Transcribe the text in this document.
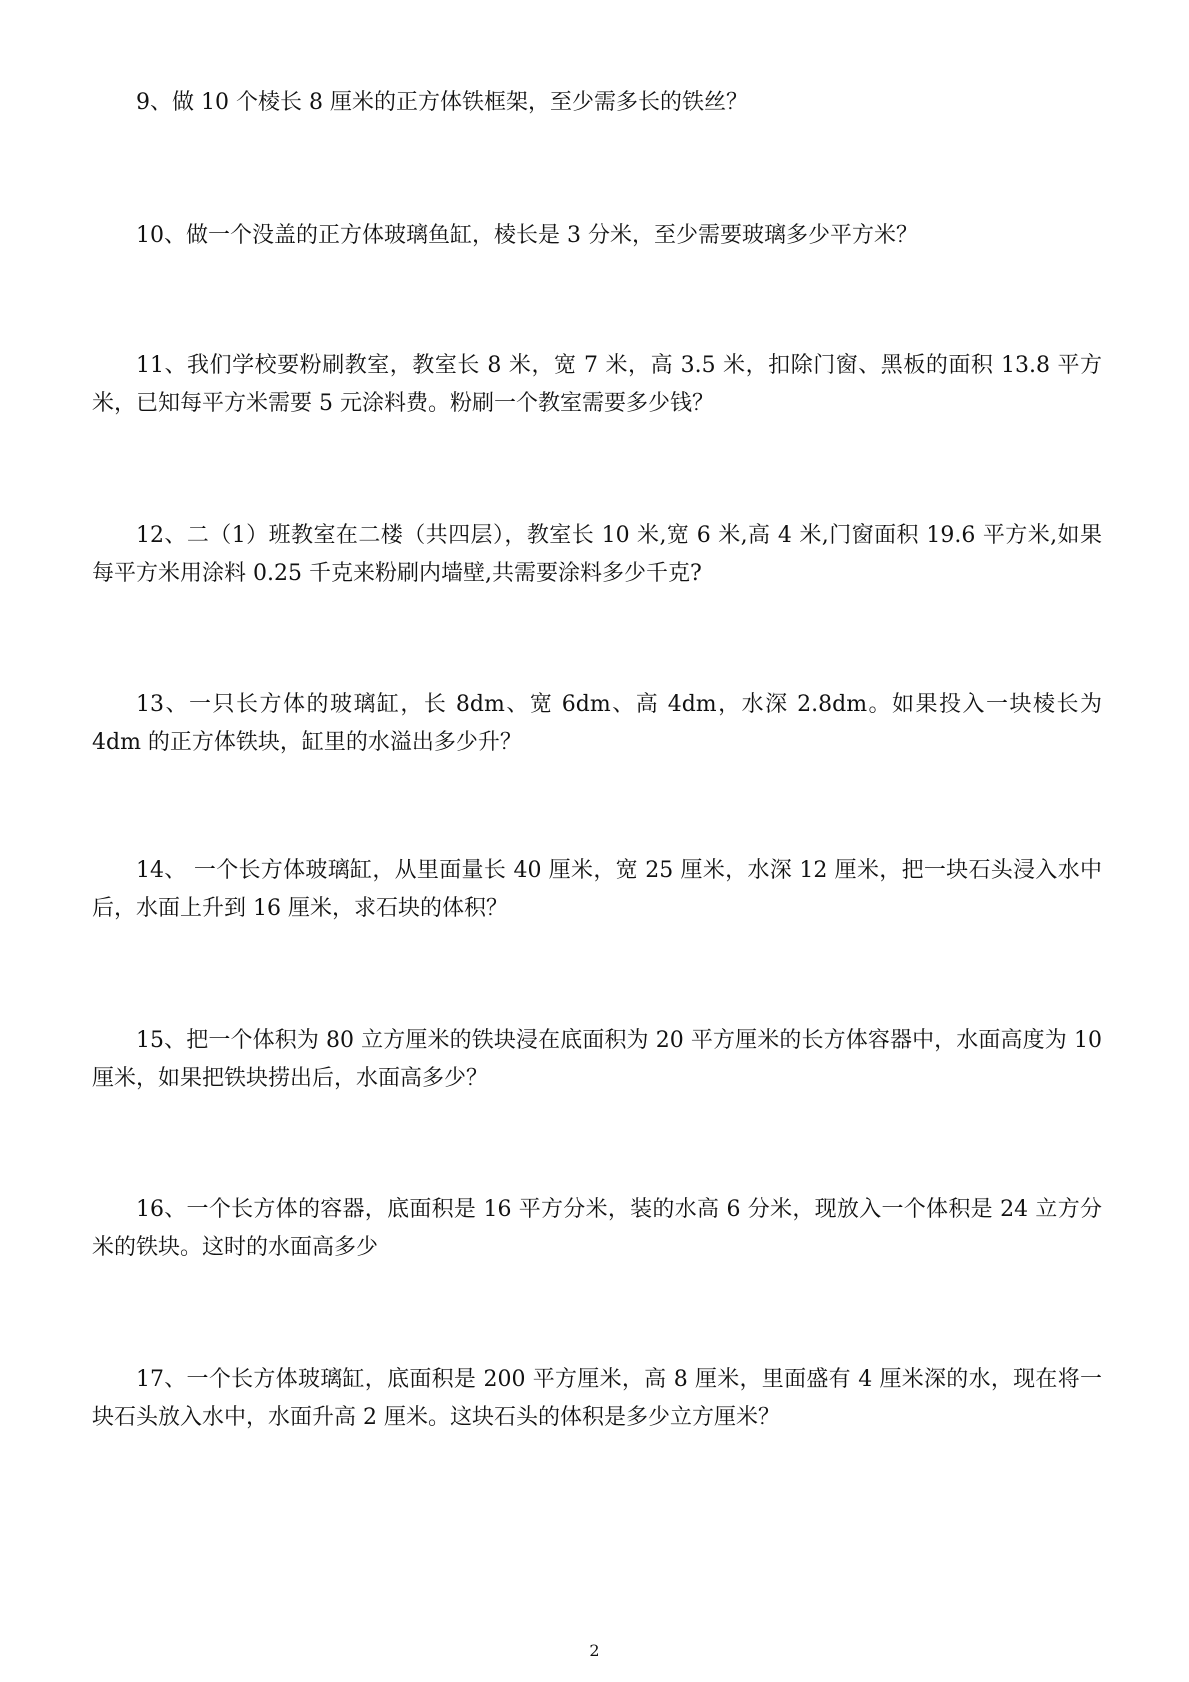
9、做 10 个棱长 8 厘米的正方体铁框架，至少需多长的铁丝？

10、做一个没盖的正方体玻璃鱼缸，棱长是 3 分米，至少需要玻璃多少平方米？

11、我们学校要粉刷教室，教室长 8 米，宽 7 米，高 3.5 米，扣除门窗、黑板的面积 13.8 平方米，已知每平方米需要 5 元涂料费。粉刷一个教室需要多少钱？

12、二（1）班教室在二楼（共四层），教室长 10 米,宽 6 米,高 4 米,门窗面积 19.6 平方米,如果每平方米用涂料 0.25 千克来粉刷内墙壁,共需要涂料多少千克?

13、一只长方体的玻璃缸，长 8dm、宽 6dm、高 4dm，水深 2.8dm。如果投入一块棱长为 4dm 的正方体铁块，缸里的水溢出多少升？

14、 一个长方体玻璃缸，从里面量长 40 厘米，宽 25 厘米，水深 12 厘米，把一块石头浸入水中后，水面上升到 16 厘米，求石块的体积？

15、把一个体积为 80 立方厘米的铁块浸在底面积为 20 平方厘米的长方体容器中，水面高度为 10 厘米，如果把铁块捞出后，水面高多少？

16、一个长方体的容器，底面积是 16 平方分米，装的水高 6 分米，现放入一个体积是 24 立方分米的铁块。这时的水面高多少

17、一个长方体玻璃缸，底面积是 200 平方厘米，高 8 厘米，里面盛有 4 厘米深的水，现在将一块石头放入水中，水面升高 2 厘米。这块石头的体积是多少立方厘米？

2
